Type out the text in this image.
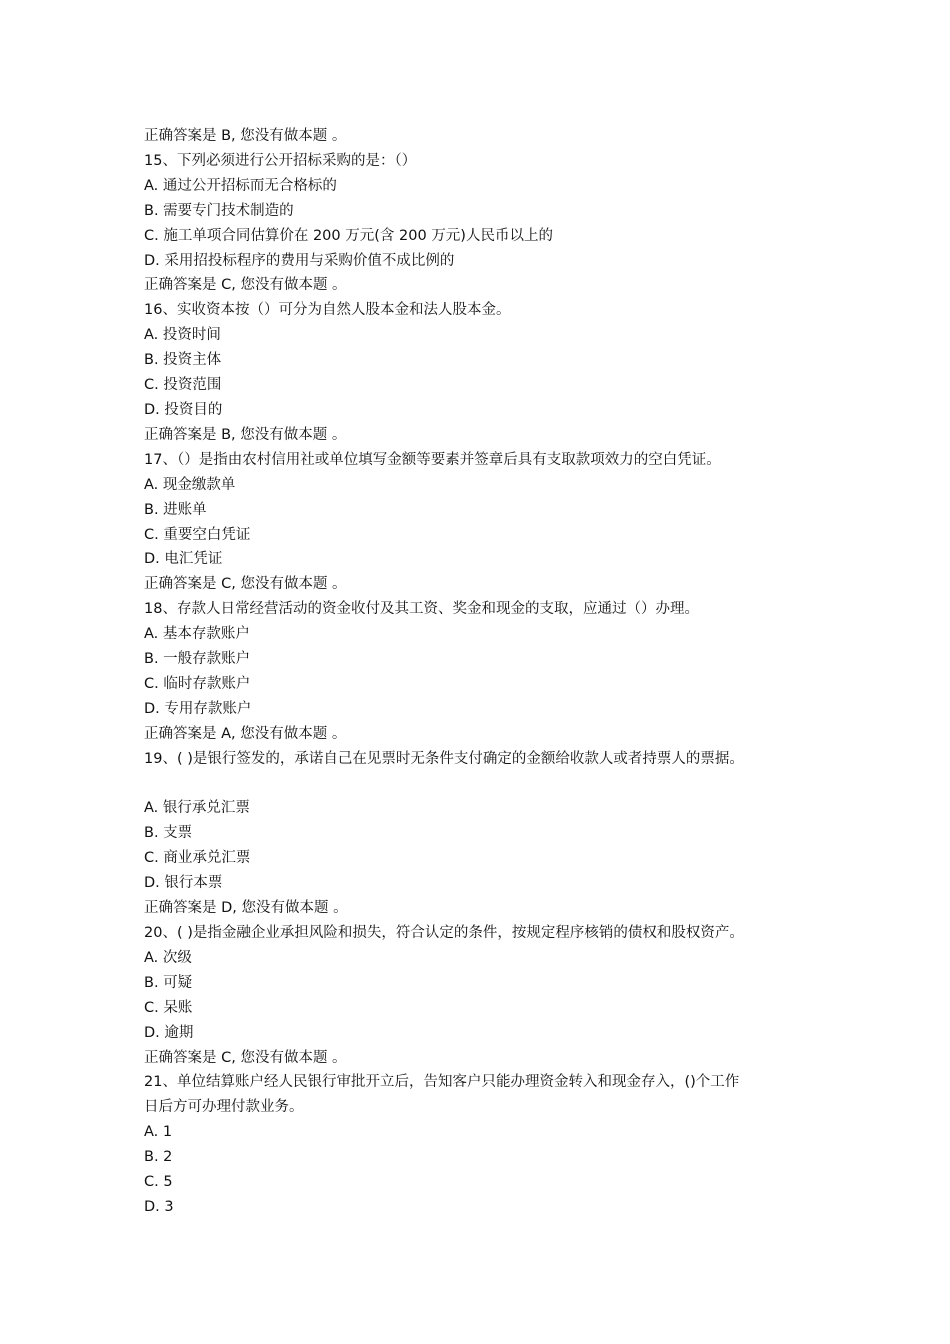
正确答案是 B, 您没有做本题 。
15、下列必须进行公开招标采购的是：（）
A. 通过公开招标而无合格标的
B. 需要专门技术制造的
C. 施工单项合同估算价在 200 万元(含 200 万元)人民币以上的
D. 采用招投标程序的费用与采购价值不成比例的
正确答案是 C, 您没有做本题 。
16、实收资本按（）可分为自然人股本金和法人股本金。
A. 投资时间
B. 投资主体
C. 投资范围
D. 投资目的
正确答案是 B, 您没有做本题 。
17、（）是指由农村信用社或单位填写金额等要素并签章后具有支取款项效力的空白凭证。
A. 现金缴款单
B. 进账单
C. 重要空白凭证
D. 电汇凭证
正确答案是 C, 您没有做本题 。
18、存款人日常经营活动的资金收付及其工资、奖金和现金的支取，应通过（）办理。
A. 基本存款账户
B. 一般存款账户
C. 临时存款账户
D. 专用存款账户
正确答案是 A, 您没有做本题 。
19、( )是银行签发的，承诺自己在见票时无条件支付确定的金额给收款人或者持票人的票据。
A. 银行承兑汇票
B. 支票
C. 商业承兑汇票
D. 银行本票
正确答案是 D, 您没有做本题 。
20、( )是指金融企业承担风险和损失，符合认定的条件，按规定程序核销的债权和股权资产。
A. 次级
B. 可疑
C. 呆账
D. 逾期
正确答案是 C, 您没有做本题 。
21、单位结算账户经人民银行审批开立后，告知客户只能办理资金转入和现金存入，()个工作
日后方可办理付款业务。
A. 1
B. 2
C. 5
D. 3
